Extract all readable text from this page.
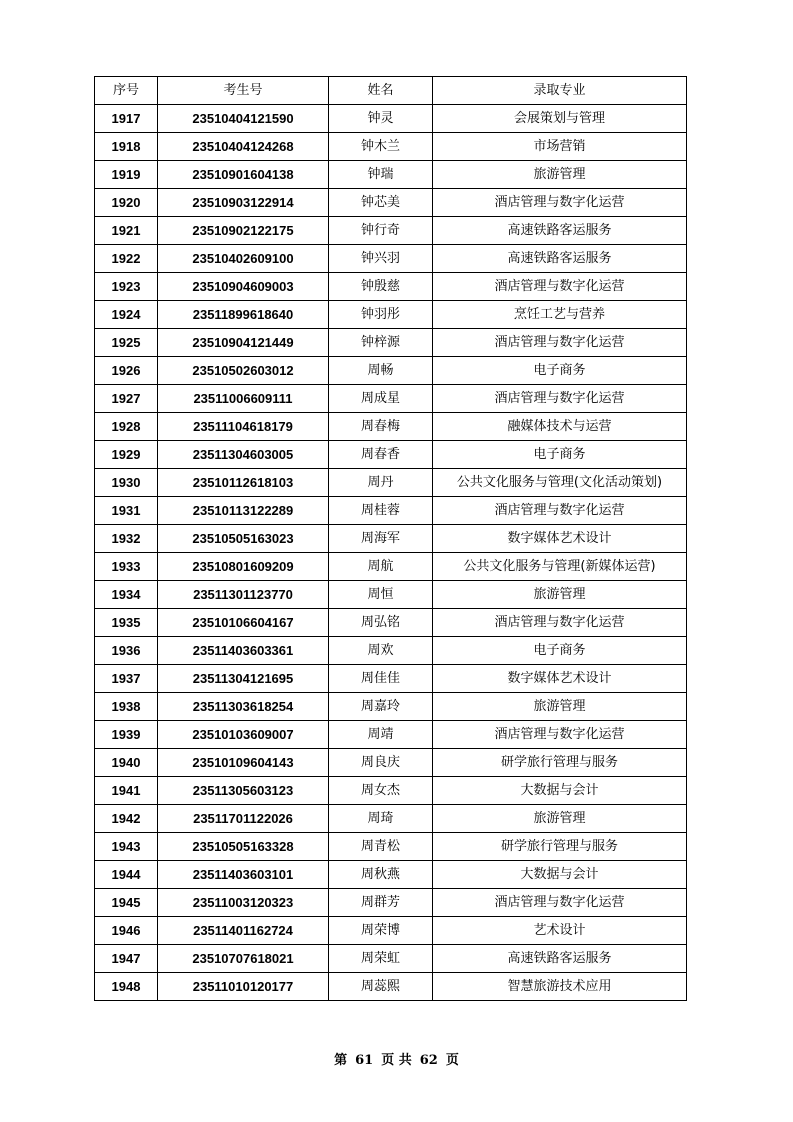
序号	考生号	姓名	录取专业
1917	23510404121590	钟灵	会展策划与管理
1918	23510404124268	钟木兰	市场营销
1919	23510901604138	钟瑞	旅游管理
1920	23510903122914	钟芯美	酒店管理与数字化运营
1921	23510902122175	钟行奇	高速铁路客运服务
1922	23510402609100	钟兴羽	高速铁路客运服务
1923	23510904609003	钟殷慈	酒店管理与数字化运营
1924	23511899618640	钟羽彤	烹饪工艺与营养
1925	23510904121449	钟梓源	酒店管理与数字化运营
1926	23510502603012	周畅	电子商务
1927	23511006609111	周成星	酒店管理与数字化运营
1928	23511104618179	周春梅	融媒体技术与运营
1929	23511304603005	周春香	电子商务
1930	23510112618103	周丹	公共文化服务与管理(文化活动策划)
1931	23510113122289	周桂蓉	酒店管理与数字化运营
1932	23510505163023	周海军	数字媒体艺术设计
1933	23510801609209	周航	公共文化服务与管理(新媒体运营)
1934	23511301123770	周恒	旅游管理
1935	23510106604167	周弘铭	酒店管理与数字化运营
1936	23511403603361	周欢	电子商务
1937	23511304121695	周佳佳	数字媒体艺术设计
1938	23511303618254	周嘉玲	旅游管理
1939	23510103609007	周靖	酒店管理与数字化运营
1940	23510109604143	周良庆	研学旅行管理与服务
1941	23511305603123	周女杰	大数据与会计
1942	23511701122026	周琦	旅游管理
1943	23510505163328	周青松	研学旅行管理与服务
1944	23511403603101	周秋燕	大数据与会计
1945	23511003120323	周群芳	酒店管理与数字化运营
1946	23511401162724	周荣博	艺术设计
1947	23510707618021	周荣虹	高速铁路客运服务
1948	23511010120177	周蕊熙	智慧旅游技术应用
第 61 页 共 62 页
